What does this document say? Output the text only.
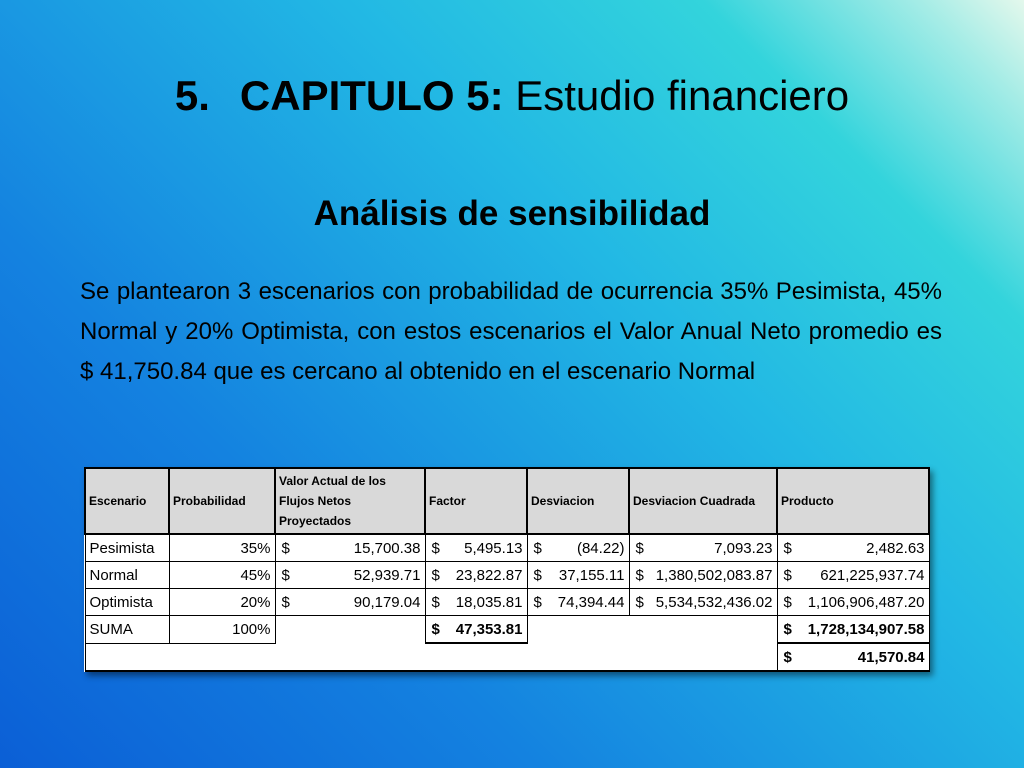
5. CAPITULO 5: Estudio financiero
Análisis de sensibilidad

Se plantearon 3 escenarios con probabilidad de ocurrencia 35% Pesimista, 45% Normal y 20% Optimista, con estos escenarios el Valor Anual Neto promedio es $ 41,750.84 que es cercano al obtenido en el escenario Normal

Escenario	Probabilidad	Valor Actual de los Flujos Netos Proyectados	Factor	Desviacion	Desviacion Cuadrada	Producto
Pesimista	35%	$ 15,700.38	$ 5,495.13	$ (84.22)	$ 7,093.23	$ 2,482.63

Normal	45%	$ 52,939.71	$ 23,822.87	$ 37,155.11	$ 1,380,502,083.87	$ 621,225,937.74

Optimista	20%	$ 90,179.04	$ 18,035.81	$ 74,394.44	$ 5,534,532,436.02	$ 1,106,906,487.20

SUMA	100%		$ 47,353.81			$ 1,728,134,907.58

						$ 41,570.84
